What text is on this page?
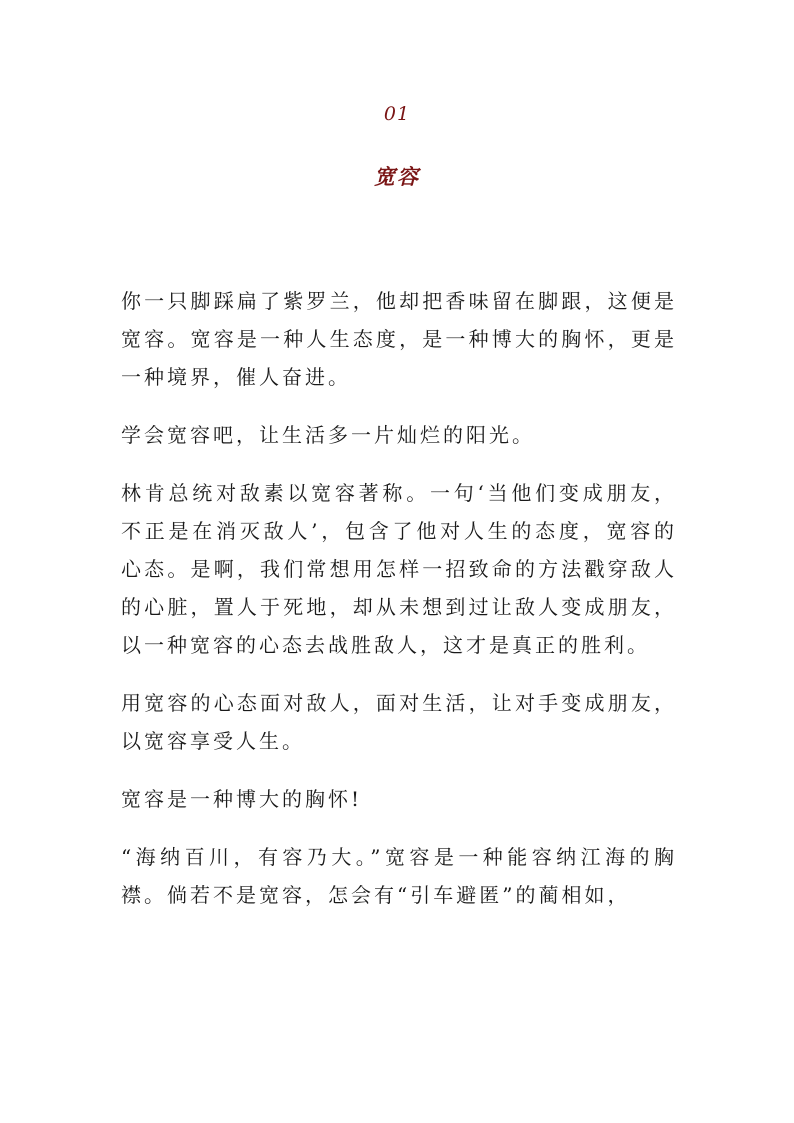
01
宽容

你一只脚踩扁了紫罗兰，他却把香味留在脚跟，这便是宽容。宽容是一种人生态度，是一种博大的胸怀，更是一种境界，催人奋进。

学会宽容吧，让生活多一片灿烂的阳光。

林肯总统对敌素以宽容著称。一句‘当他们变成朋友，不正是在消灭敌人’，包含了他对人生的态度，宽容的心态。是啊，我们常想用怎样一招致命的方法戳穿敌人的心脏，置人于死地，却从未想到过让敌人变成朋友，以一种宽容的心态去战胜敌人，这才是真正的胜利。

用宽容的心态面对敌人，面对生活，让对手变成朋友，以宽容享受人生。

宽容是一种博大的胸怀!

“海纳百川，有容乃大。”宽容是一种能容纳江海的胸襟。倘若不是宽容，怎会有“引车避匿”的蔺相如，
